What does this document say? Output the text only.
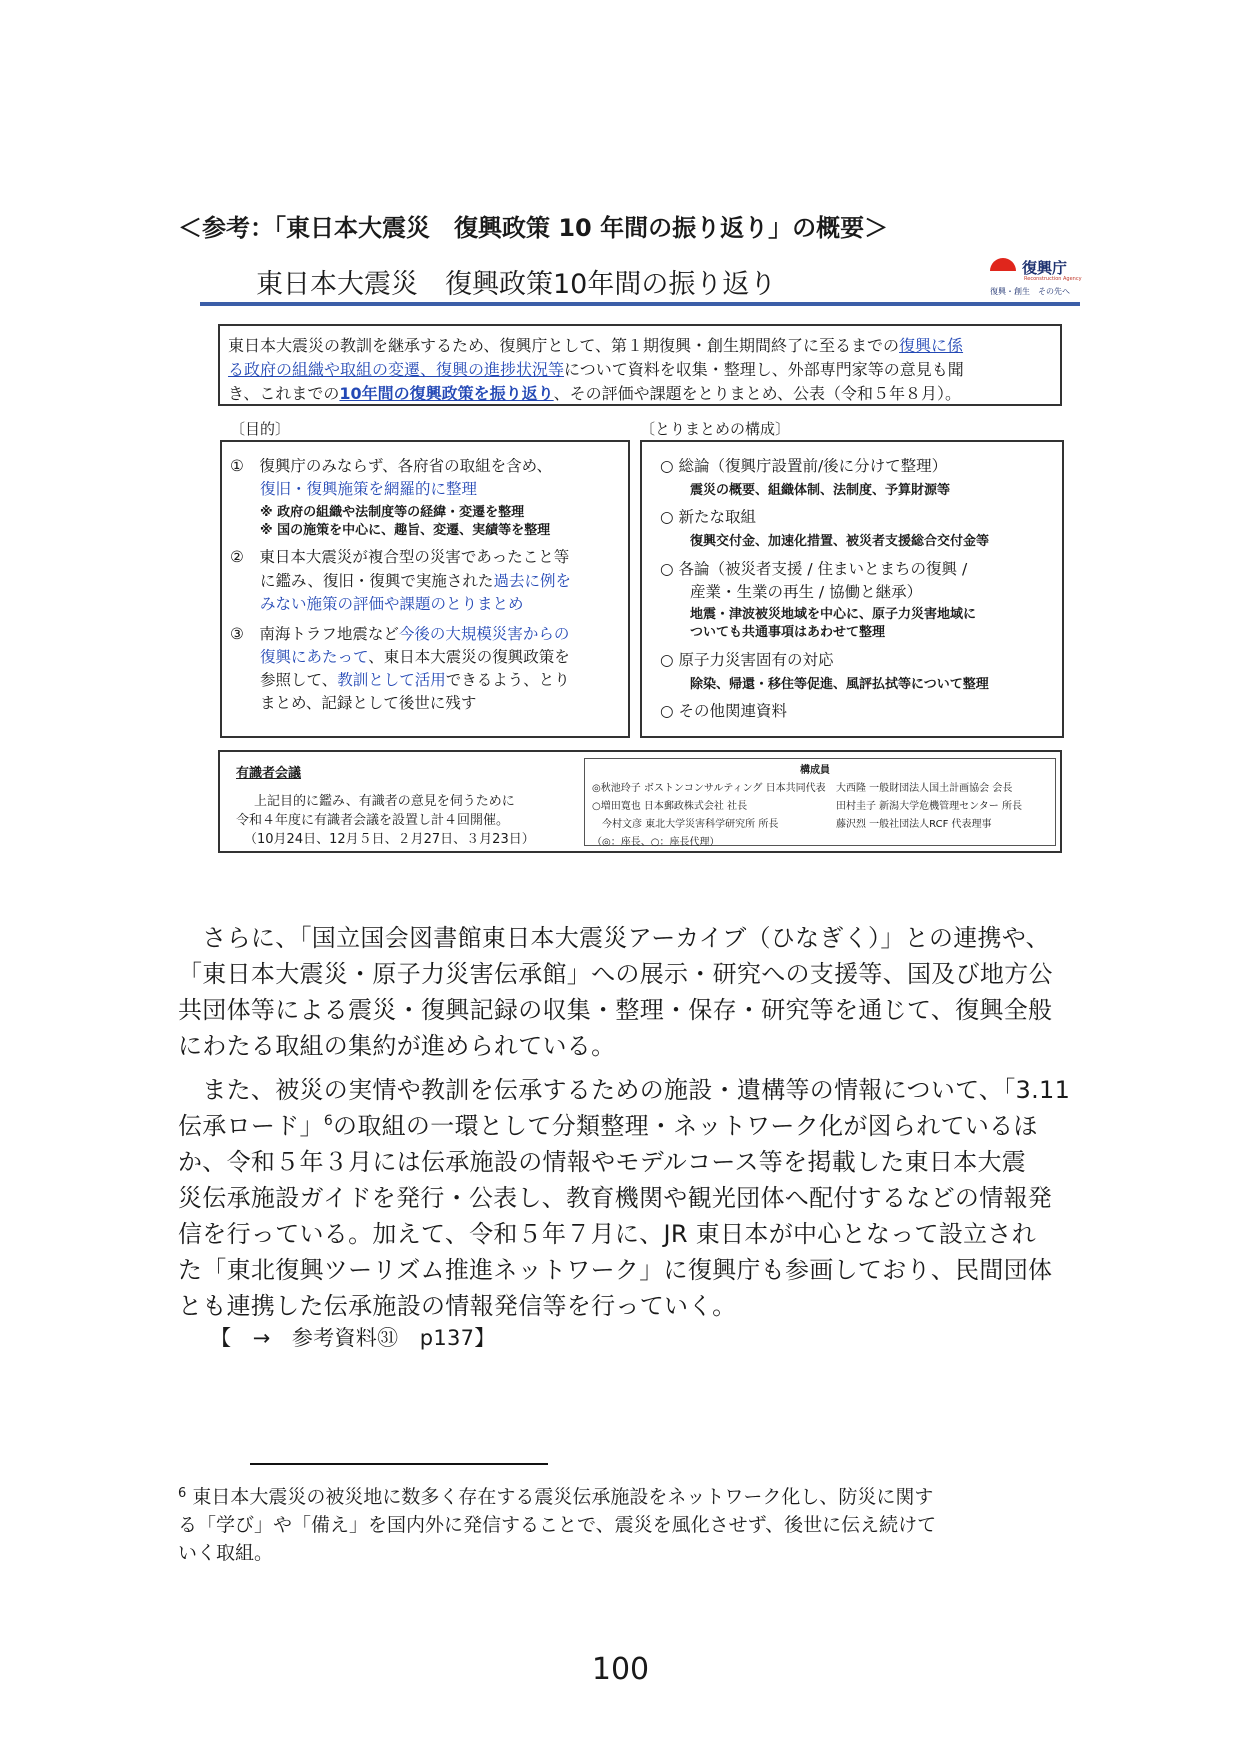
＜参考：「東日本大震災　復興政策 10 年間の振り返り」の概要＞
東日本大震災　復興政策10年間の振り返り
復興庁
Reconstruction Agency
復興・創生　その先へ
東日本大震災の教訓を継承するため、復興庁として、第１期復興・創生期間終了に至るまでの復興に係
る政府の組織や取組の変遷、復興の進捗状況等について資料を収集・整理し、外部専門家等の意見も聞
き、これまでの10年間の復興政策を振り返り、その評価や課題をとりまとめ、公表（令和５年８月）。
〔目的〕
①　復興庁のみならず、各府省の取組を含め、
復旧・復興施策を網羅的に整理
※ 政府の組織や法制度等の経緯・変遷を整理
※ 国の施策を中心に、趣旨、変遷、実績等を整理
②　東日本大震災が複合型の災害であったこと等
に鑑み、復旧・復興で実施された過去に例を
みない施策の評価や課題のとりまとめ
③　南海トラフ地震など今後の大規模災害からの
復興にあたって、東日本大震災の復興政策を
参照して、教訓として活用できるよう、とり
まとめ、記録として後世に残す
〔とりまとめの構成〕
○ 総論（復興庁設置前/後に分けて整理）
震災の概要、組織体制、法制度、予算財源等
○ 新たな取組
復興交付金、加速化措置、被災者支援総合交付金等
○ 各論（被災者支援 / 住まいとまちの復興 /
産業・生業の再生 / 協働と継承）
地震・津波被災地域を中心に、原子力災害地域に
ついても共通事項はあわせて整理
○ 原子力災害固有の対応
除染、帰還・移住等促進、風評払拭等について整理
○ その他関連資料
有識者会議
上記目的に鑑み、有識者の意見を伺うために
令和４年度に有識者会議を設置し計４回開催。
（10月24日、12月５日、２月27日、３月23日）
構成員
◎秋池玲子 ボストンコンサルティング 日本共同代表 大西隆 一般財団法人国土計画協会 会長
○増田寛也 日本郵政株式会社 社長	田村圭子 新潟大学危機管理センター 所長
今村文彦 東北大学災害科学研究所 所長	藤沢烈 一般社団法人RCF 代表理事
（◎：座長、○：座長代理）
　さらに、「国立国会図書館東日本大震災アーカイブ（ひなぎく）」との連携や、
「東日本大震災・原子力災害伝承館」への展示・研究への支援等、国及び地方公
共団体等による震災・復興記録の収集・整理・保存・研究等を通じて、復興全般
にわたる取組の集約が進められている。
　また、被災の実情や教訓を伝承するための施設・遺構等の情報について、「3.11
伝承ロード」$^6$の取組の一環として分類整理・ネットワーク化が図られているほ
か、令和５年３月には伝承施設の情報やモデルコース等を掲載した東日本大震
災伝承施設ガイドを発行・公表し、教育機関や観光団体へ配付するなどの情報発
信を行っている。加えて、令和５年７月に、JR 東日本が中心となって設立され
た「東北復興ツーリズム推進ネットワーク」に復興庁も参画しており、民間団体
とも連携した伝承施設の情報発信等を行っていく。
　　【　→　参考資料㉛　p137】
$^6$ 東日本大震災の被災地に数多く存在する震災伝承施設をネットワーク化し、防災に関す
る「学び」や「備え」を国内外に発信することで、震災を風化させず、後世に伝え続けて
いく取組。
100
